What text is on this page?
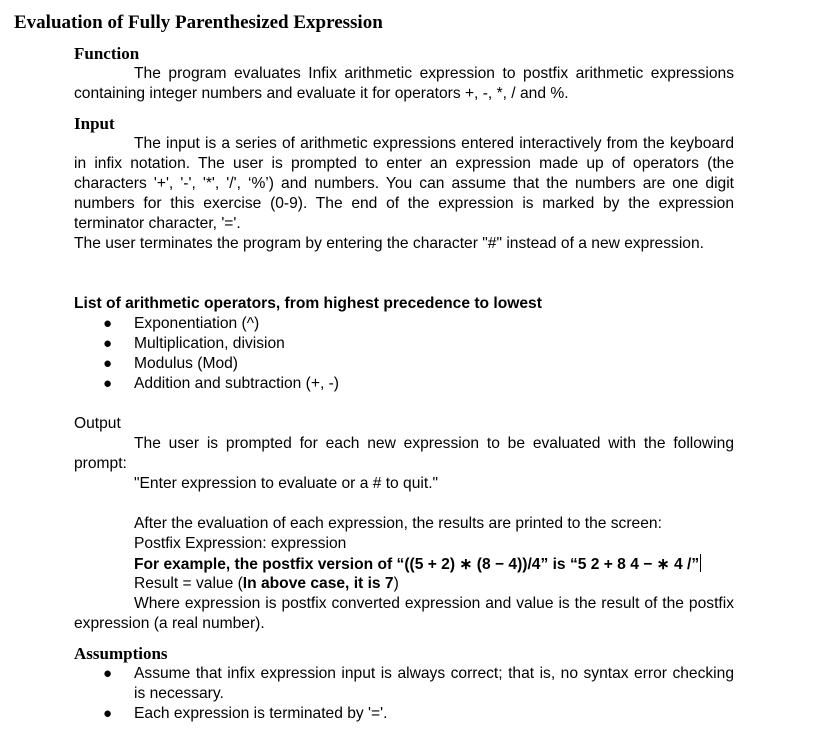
Evaluation of Fully Parenthesized Expression
Function

The program evaluates Infix arithmetic expression to postfix arithmetic expressions containing integer numbers and evaluate it for operators +, -, *, / and %.

Input

The input is a series of arithmetic expressions entered interactively from the keyboard in infix notation. The user is prompted to enter an expression made up of operators (the characters '+', '-', '*', '/', ‘%’) and numbers. You can assume that the numbers are one digit numbers for this exercise (0-9). The end of the expression is marked by the expression terminator character, '='.

The user terminates the program by entering the character "#" instead of a new expression.

List of arithmetic operators, from highest precedence to lowest
● Exponentiation (^)
● Multiplication, division
● Modulus (Mod)
● Addition and subtraction (+, -)
Output

The user is prompted for each new expression to be evaluated with the following prompt:

"Enter expression to evaluate or a # to quit."
After the evaluation of each expression, the results are printed to the screen:
Postfix Expression: expression
For example, the postfix version of “((5 + 2) ∗ (8 − 4))/4” is “5 2 + 8 4 − ∗ 4 /”
Result = value (In above case, it is 7)

Where expression is postfix converted expression and value is the result of the postfix expression (a real number).

Assumptions
● Assume that infix expression input is always correct; that is, no syntax error checking is necessary.
● Each expression is terminated by '='.
